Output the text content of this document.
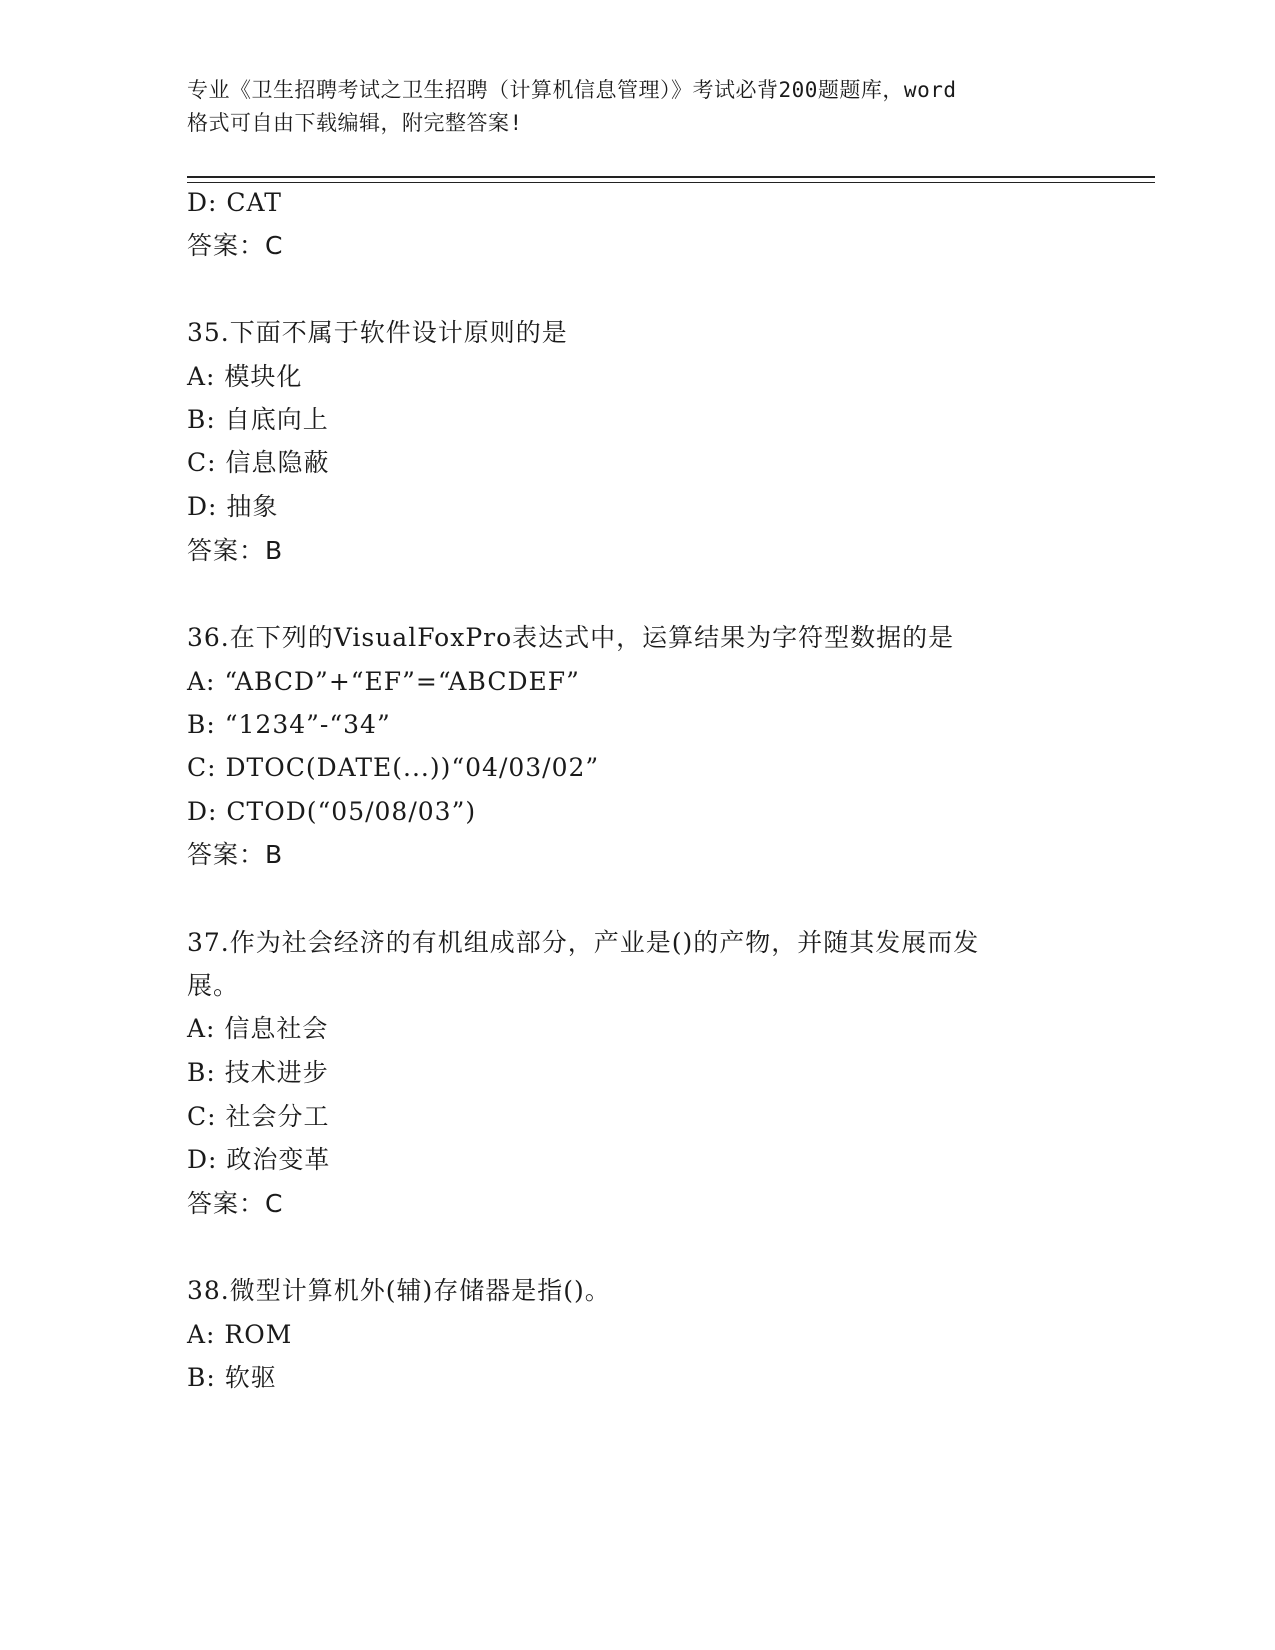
专业《卫生招聘考试之卫生招聘（计算机信息管理）》考试必背200题题库，word
格式可自由下载编辑，附完整答案!
D: CAT
答案：C
35.下面不属于软件设计原则的是
A: 模块化
B: 自底向上
C: 信息隐蔽
D: 抽象
答案：B
36.在下列的VisualFoxPro表达式中，运算结果为字符型数据的是
A: “ABCD”+“EF”=“ABCDEF”
B: “1234”-“34”
C: DTOC(DATE(...))“04/03/02”
D: CTOD(“05/08/03”)
答案：B
37.作为社会经济的有机组成部分，产业是()的产物，并随其发展而发
展。
A: 信息社会
B: 技术进步
C: 社会分工
D: 政治变革
答案：C
38.微型计算机外(辅)存储器是指()。
A: ROM
B: 软驱
